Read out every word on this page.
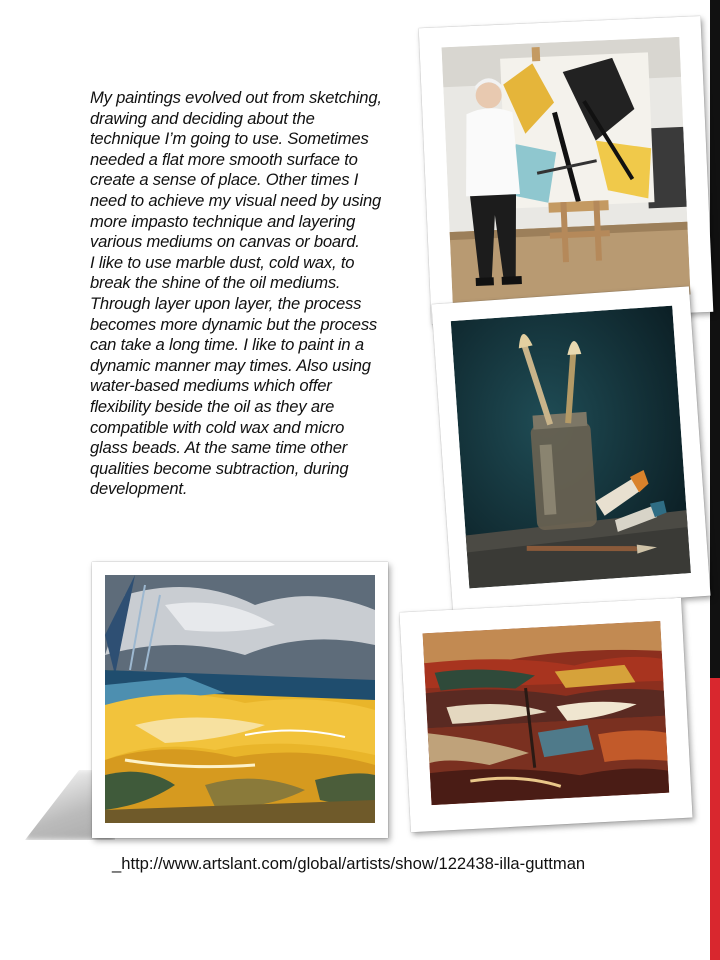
My paintings evolved out from sketching,

drawing and deciding about the

technique I’m going to use. Sometimes

needed a flat more smooth surface to

create a sense of place. Other times I

need to achieve my visual need by using

more impasto technique and layering

various mediums on canvas or board.

I like to use marble dust, cold wax, to

break the shine of the oil mediums.

Through layer upon layer, the process

becomes more dynamic but the process

can take a long time. I like to paint in a

dynamic manner may times. Also using

water-based mediums which offer

flexibility beside the oil as they are

compatible with cold wax and micro

glass beads. At the same time other

qualities become subtraction, during

development.

_http://www.artslant.com/global/artists/show/122438-illa-guttman
